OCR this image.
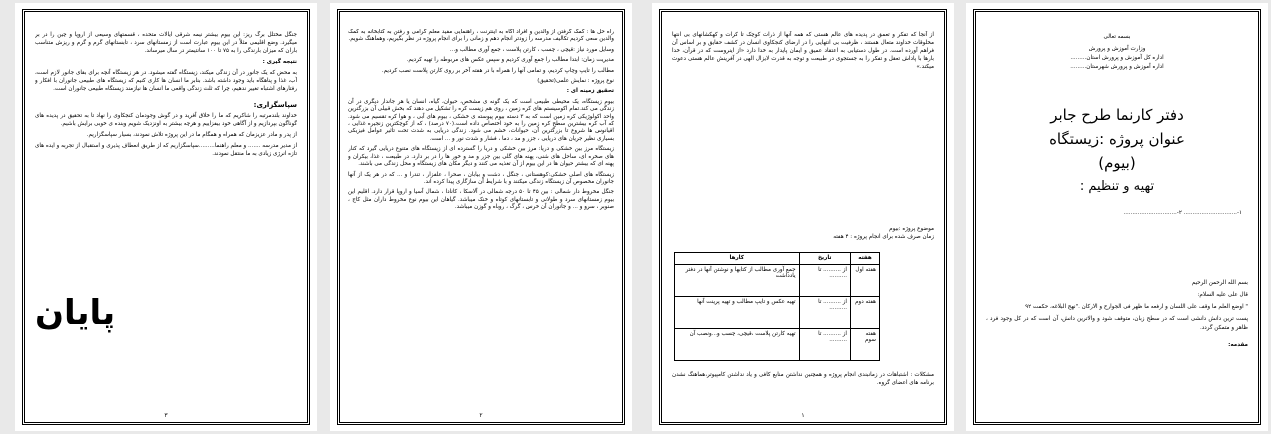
جنگل مختلل برگ ریز: این بیوم بیشتر نیمه شرقی ایالات متحده ، قسمتهای وسیعی از اروپا و چین را در بر میگیرد. وضع اقلیمی مثلاً در این بیوم عبارت است از زمستانهای سرد ، تابستانهای گرم و گرم و ریزش متناسب باران که میزان بارندگی را به ۷۵ تا ۱۰۰ سانتیمتر در سال میرساند.

نتیجه گیری :

به محض که یک جانور در آن زندگی میکند، زیستگاه گفته میشود. در هر زیستگاه آنچه برای بقای جانور لازم است، آب، غذا و پناهگاه باید وجود داشته باشد. بنابر ما انسان ها کاری کنیم که زیستگاه های طبیعی جانوران با افکار و رفتارهای اشتباه تغییر ندهیم، چرا که ثلث زندگی واقعی ما انسان ها نیازمند زیستگاه طبیعی جانوران است.

سپاسگزاری:

خداوند بلندمرتبه را شاکریم که ما را خلاق آفرید و در گوش وجودمان کنجکاوی را نهاد تا به تحقیق در پدیده های گوناگون بپردازیم و از آگاهی خود بیفزاییم و هرچه بیشتر به اونزدیک شویم وبنده ی خوبی برایش باشیم.

از پدر و مادر عزیزمان که همراه و همگام ما در این پروژه تلاش نمودند، بسیار سپاسگزاریم.

از مدیر مدرسه ....... و معلم راهنما.........سپاسگزاریم که از طریق انعطاف پذیری و استقبال از تجربه و ایده های تازه انرژی زیادی به ما منتقل نمودند.

پایان
۳

راه حل ها : کمک گرفتن از والدین و افراد آگاه به اینترنت ، راهنمایی مفید معلم گرامی و رفتن به کتابخانه به کمک والدین سعی کردیم تکالیف مدرسه را زودتر انجام دهم و زمانی را برای انجام پروژه در نظر بگیریم، وهماهنگ شویم.

وسایل مورد نیاز :قیچی ، چسب ، کارتن پلاست ، جمع آوری مطالب و...

مدیریت زمان: ابتدا مطالب را جمع آوری کردیم و سپس عکس های مربوطه را تهیه کردیم.

مطالب را تایپ وچاپ کردیم، و تمامی آنها را همراه با در هفته آخر بر روی کارتن پلاست نصب کردیم.

نوع پروژه : نمایش علمی(تحقیق)

تحقیق زمینه ای :

بیوم زیستگاه، یک محیطی طبیعی است که یک گونه ی مشخص، حیوان، گیاه، انسان یا هر جاندار دیگری در آن زندگی می کند.تمام اکوسیستم های کره زمین ، روی هم زیست کره را تشکیل می دهند که بخش قبیلی آن بزرگترین واحد اکولوژیکی کره زمین است که به ۳ دسته بیوم پیوسته ی خشکی ، بیوم های آبی ، و هوا کره تقسیم می شود. که آب کره بیشترین سطح کره زمین را به خود اختصاص داده است.(۷۰ درصد) ، که از کوچکترین زنجیره غذایی ، اقیانوس ها شروع تا بزرگترین آن، حیوانات، خشم می شود. زندگی دریایی به شدت تحت تاثیر عوامل فیزیکی بسیاری نظیر جریان های دریایی ، جزر و مد ، دما ، فشار و شدت نور و ... است.

زیستگاه مرز بین خشکی و دریا: مرز بین خشکی و دریا را گسترده ای از زیستگاه های متنوع دریایی گیرد که کنار های صخره ای، ساحل های شنی، پهنه های گلی بین جزر و مد و خور ها را در بر دارد. در طبیعت ، غذا، بیکران و پهنه ای که بیشتر حیوان ها در این بیوم از آن تغذیه می کنند و دیگر مکان های زیستگاه و محل زندگی می باشند.

زیستگاه های اصلی خشکی:کوهستانی ، جنگل ، دشت و بیابان ، صحرا ، علفزار ، تندرا و ... که در هر یک از آنها جانوران مخصوص آن زیستگاه زندگی میکنند و با شرایط آن سازگاری پیدا کرده اند.

جنگل مخروط دار شمالی : بین ۴۵ تا ۵۰ درجه شمالی در آلاسکا ، کانادا ، شمال آسیا و اروپا قرار دارد. اقلیم این بیوم زمستانهای سرد و طولانی و تابستانهای کوتاه و خنک میباشد. گیاهان این بیوم نوع مخروط داران مثل کاج ، صنوبر ، سرو و ... و جانوران آن خرس ، گرگ ، روباه و گوزن میباشد.

۲

از آنجا که تفکر و تعمق در پدیده های عالم هستی که همه آنها از ذرات کوچک تا کرات و کهکشانهای بی انتها مخلوقات خداوند متعال هستند ، ظرفیت بی انتهایی را در ارضای کنجکاوی انسان در کشف حقایق و بر اساس آن فراهم آورده است. در طول دستیابی به اعتقاد عمیق و ایمان پایدار به خدا دارد «از اینروست که در قرآن، خدا بارها با پاداش تعقل و تفکر را به جستجوی در طبیعت و توجه به قدرت لایزال الهی در آفرینش عالم هستی دعوت میکند.»

موضوع پروژه :بیوم

زمان صرف شده برای انجام پروژه : ۴ هفته

هفته	تاریخ	کارها
هفته اول	از .......... تا ..........	جمع آوری مطالب از کتابها و نوشتن آنها در دفتر یادداشت
هفته دوم	از .......... تا ..........	تهیه عکس و تایپ مطالب و تهیه پرینت آنها
هفته سوم	از .......... تا ..........	تهیه کارتن پلاست ،قیچی، چسب و...ونصب آن

مشکلات : اشتباهات در زمانبندی انجام پروژه و همچنین نداشتن منابع کافی و یاد نداشتن کامپیوتر،هماهنگ نشدن برنامه های اعضای گروه.

۱
بسمه تعالی
وزارت آموزش و پرورش
اداره کل آموزش و پرورش استان.........
اداره آموزش و پرورش شهرستان.........
دفتر کارنما طرح جابر
عنوان پروژه :زیستگاه
(بیوم)
تهیه و تنظیم :
۱-.............................. ۲-..............................

بسم الله الرحمن الرحیم

قال علی علیه السلام:

" اوضع العلم ما وقف علی اللسان و ارفعه ما ظهر فی الجوارح و الارکان ."نهج البلاغه، حکمت ۹۲

پست ترین دانش دانشی است که در سطح زبان، متوقف شود و والاترین دانش، آن است که در کل وجود فرد ، ظاهر و متمکن گردد.

مقدمه:
